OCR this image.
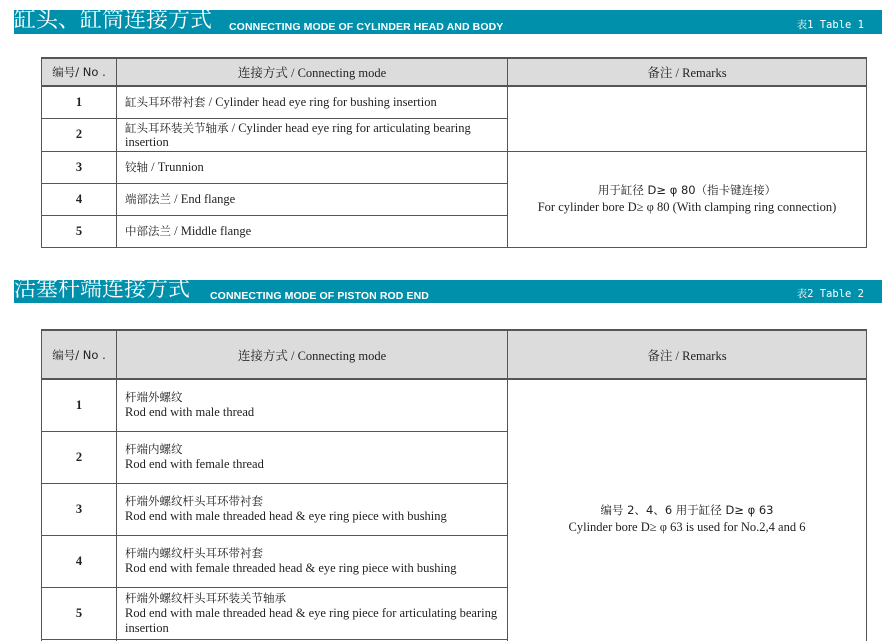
缸头、缸筒连接方式 CONNECTING MODE OF CYLINDER HEAD AND BODY	表1 Table 1
编号/ No .	连接方式 / Connecting mode	备注 / Remarks
1	缸头耳环带衬套 / Cylinder head eye ring for bushing insertion	
2	缸头耳环装关节轴承 / Cylinder head eye ring for articulating bearing insertion	
3	铰轴 / Trunnion	用于缸径 D≥ φ 80（指卡键连接）
For cylinder bore D≥ φ 80 (With clamping ring connection)

4	端部法兰 / End flange	
5	中部法兰 / Middle flange	
活塞杆端连接方式 CONNECTING MODE OF PISTON ROD END	表2 Table 2
编号/ No .	连接方式 / Connecting mode	备注 / Remarks
1	杆端外螺纹
Rod end with male thread	编号 2、4、6 用于缸径 D≥ φ 63
Cylinder bore D≥ φ 63 is used for No.2,4 and 6

2	杆端内螺纹
Rod end with female thread	

3	杆端外螺纹杆头耳环带衬套
Rod end with male threaded head & eye ring piece with bushing	

4	杆端内螺纹杆头耳环带衬套
Rod end with female threaded head & eye ring piece with bushing	

5	杆端外螺纹杆头耳环装关节轴承
Rod end with male threaded head & eye ring piece for articulating bearing insertion	
